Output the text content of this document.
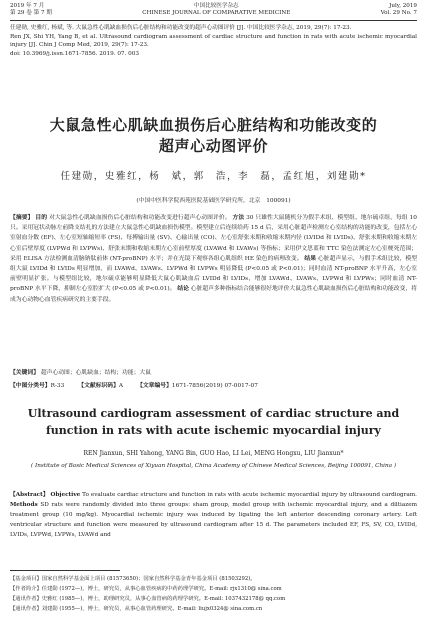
2019 年 7 月
第 29 卷 第 7 期
中国比较医学杂志
CHINESE JOURNAL OF COMPARATIVE MEDICINE
July, 2019
Vol. 29 No. 7
任建勋, 史雅红, 杨斌, 等. 大鼠急性心肌缺血损伤后心脏结构和功能改变的超声心动图评价 [J]. 中国比较医学杂志, 2019, 29(7): 17-23.
Ren JX, Shi YH, Yang B, et al. Ultrasound cardiogram assessment of cardiac structure and function in rats with acute ischemic myocardial injury [J]. Chin J Comp Med, 2019, 29(7): 17-23.
doi: 10.3969/j.issn.1671-7856. 2019. 07. 003
大鼠急性心肌缺血损伤后心脏结构和功能改变的
超声心动图评价
任建勋，史雅红，杨　斌，郭　浩，李　磊，孟红旭，刘建勋*
(中国中医科学院西苑医院基础医学研究所，北京　100091)
【摘要】 目的 对大鼠急性心肌缺血损伤后心脏结构和功能改变进行超声心动图评价。 方法 30 只雄性大鼠随机分为假手术组、模型组、地尔硫卓组，每组 10 只。采用冠状动脉左前降支结扎的方法建立大鼠急性心肌缺血损伤模型。模型建立后连续给药 15 d 后，采用心脏超声检测左心室结构的功能的改变，包括左心室射血分数 (EF)、左心室短轴缩短率 (FS)、每搏输出量 (SV)、心输出量 (CO)、左心室舒张末期和收缩末期内径 (LVIDd 和 LVIDs)、舒张末期和收缩末期左心室后壁厚度 (LVPWd 和 LVPWs)、舒张末期和收缩末期左心室前壁厚度 (LVAWd 和 LVAWs) 等指标；采用伊文思蓝和 TTC 染色法测定左心室梗死范围；采用 ELISA 方法检测血清脑钠肽前体 (NT-proBNP) 水平；并在光镜下观察各组心肌组织 HE 染色的病理改变。 结果 心脏超声显示，与假手术组比较，模型组大鼠 LVIDd 和 LVIDs 明显增加，而 LVAWd、LVAWs、LVPWd 和 LVPWs 明显降低 (P<0.05 或 P<0.01)；同时血清 NT-proBNP 水平升高，左心室前壁明显扩张。与模型组比较，地尔硫卓能够明显降低大鼠心肌缺血后 LVIDd 和 LVIDs，增加 LVAWd、LVAWs、LVPWd 和 LVPWs；同时血清 NT-proBNP 水平下降，抑制左心室腔扩大 (P<0.05 或 P<0.01)。 结论 心脏超声多种指标结合能够很好地评价大鼠急性心肌缺血损伤后心脏结构和功能改变，将成为心动物心血管疾病研究的主要手段。
【关键词】 超声心动图；心肌缺血；结构；功能；大鼠
【中图分类号】R-33 【文献标识码】A 【文章编号】1671-7856(2019) 07-0017-07
Ultrasound cardiogram assessment of cardiac structure and
function in rats with acute ischemic myocardial injury
REN Jianxun, SHI Yahong, YANG Bin, GUO Hao, LI Lei, MENG Hongxu, LIU Jianxun*
( Institute of Basic Medical Sciences of Xiyuan Hospital, China Academy of Chinese Medical Sciences, Beijing 100091, China )
【Abstract】 Objective To evaluate cardiac structure and function in rats with acute ischemic myocardial injury by ultrasound cardiogram. Methods SD rats were randomly divided into three groups: sham group, model group with ischemic myocardial injury, and a diltiazem treatment group (10 mg/kg). Myocardial ischemic injury was induced by ligating the left anterior descending coronary artery. Left ventricular structure and function were measured by ultrasound cardiogram after 15 d. The parameters included EF, FS, SV, CO, LVIDd, LVIDs, LVPWd, LVPWs, LVAWd and
【基金项目】国家自然科学基金面上项目 (81573650)；国家自然科学基金青年基金项目 (81503292)。
【作者简介】任建勋 (1972—)，博士，研究员，从事心血管疾病的中药药理学研究。E-mail: rjx1310@ sina.com
【通讯作者】史雅红 (1985—)，博士，助理研究员，从事心血管病的药理学研究。E-mail: 1037432178@ qq.com
【通讯作者】刘建勋 (1955—)，博士，研究员，从事心血管药理研究。E-mail: liujx0324@ sina.com.cn
